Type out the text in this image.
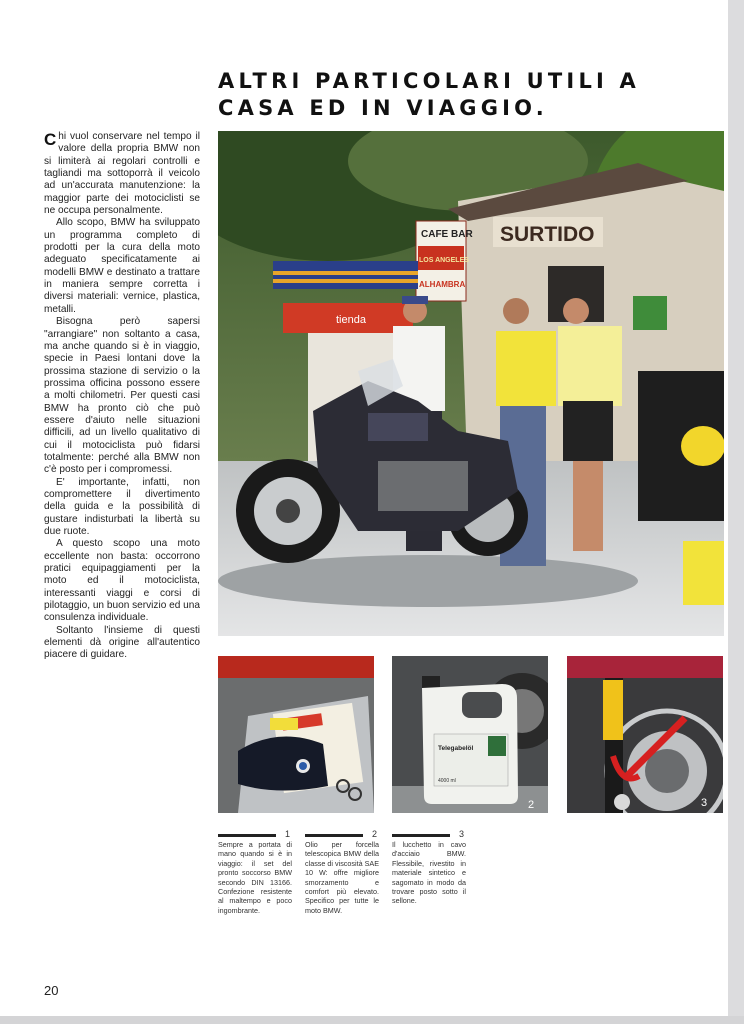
ALTRI PARTICOLARI UTILI A CASA ED IN VIAGGIO.

Chi vuol conservare nel tempo il valore della propria BMW non si limiterà ai regolari controlli e tagliandi ma sottoporrà il veicolo ad un'accurata manutenzione: la maggior parte dei motociclisti se ne occupa personalmente.

Allo scopo, BMW ha sviluppato un programma completo di prodotti per la cura della moto adeguato specificatamente ai modelli BMW e destinato a trattare in maniera sempre corretta i diversi materiali: vernice, plastica, metalli.

Bisogna però sapersi "arrangiare" non soltanto a casa, ma anche quando si è in viaggio, specie in Paesi lontani dove la prossima stazione di servizio o la prossima officina possono essere a molti chilometri. Per questi casi BMW ha pronto ciò che può essere d'aiuto nelle situazioni difficili, ad un livello qualitativo di cui il motociclista può fidarsi totalmente: perché alla BMW non c'è posto per i compromessi.

E' importante, infatti, non compromettere il divertimento della guida e la possibilità di gustare indisturbati la libertà su due ruote.

A questo scopo una moto eccellente non basta: occorrono pratici equipaggiamenti per la moto ed il motociclista, interessanti viaggi e corsi di pilotaggio, un buon servizio ed una consulenza individuale.

Soltanto l'insieme di questi elementi dà origine all'autentico piacere di guidare.

SURTIDO
CAFE BAR
LOS ANGELES
ALHAMBRA
tienda
Telegabelöl
4000 ml
2	3
1
Sempre a portata di mano quando si è in viaggio: il set del pronto soccorso BMW secondo DIN 13166. Confezione resistente al maltempo e poco ingombrante.
2
Olio per forcella telescopica BMW della classe di viscosità SAE 10 W: offre migliore smorzamento e comfort più elevato. Specifico per tutte le moto BMW.
3
Il lucchetto in cavo d'acciaio BMW. Flessibile, rivestito in materiale sintetico e sagomato in modo da trovare posto sotto il sellone.
20
